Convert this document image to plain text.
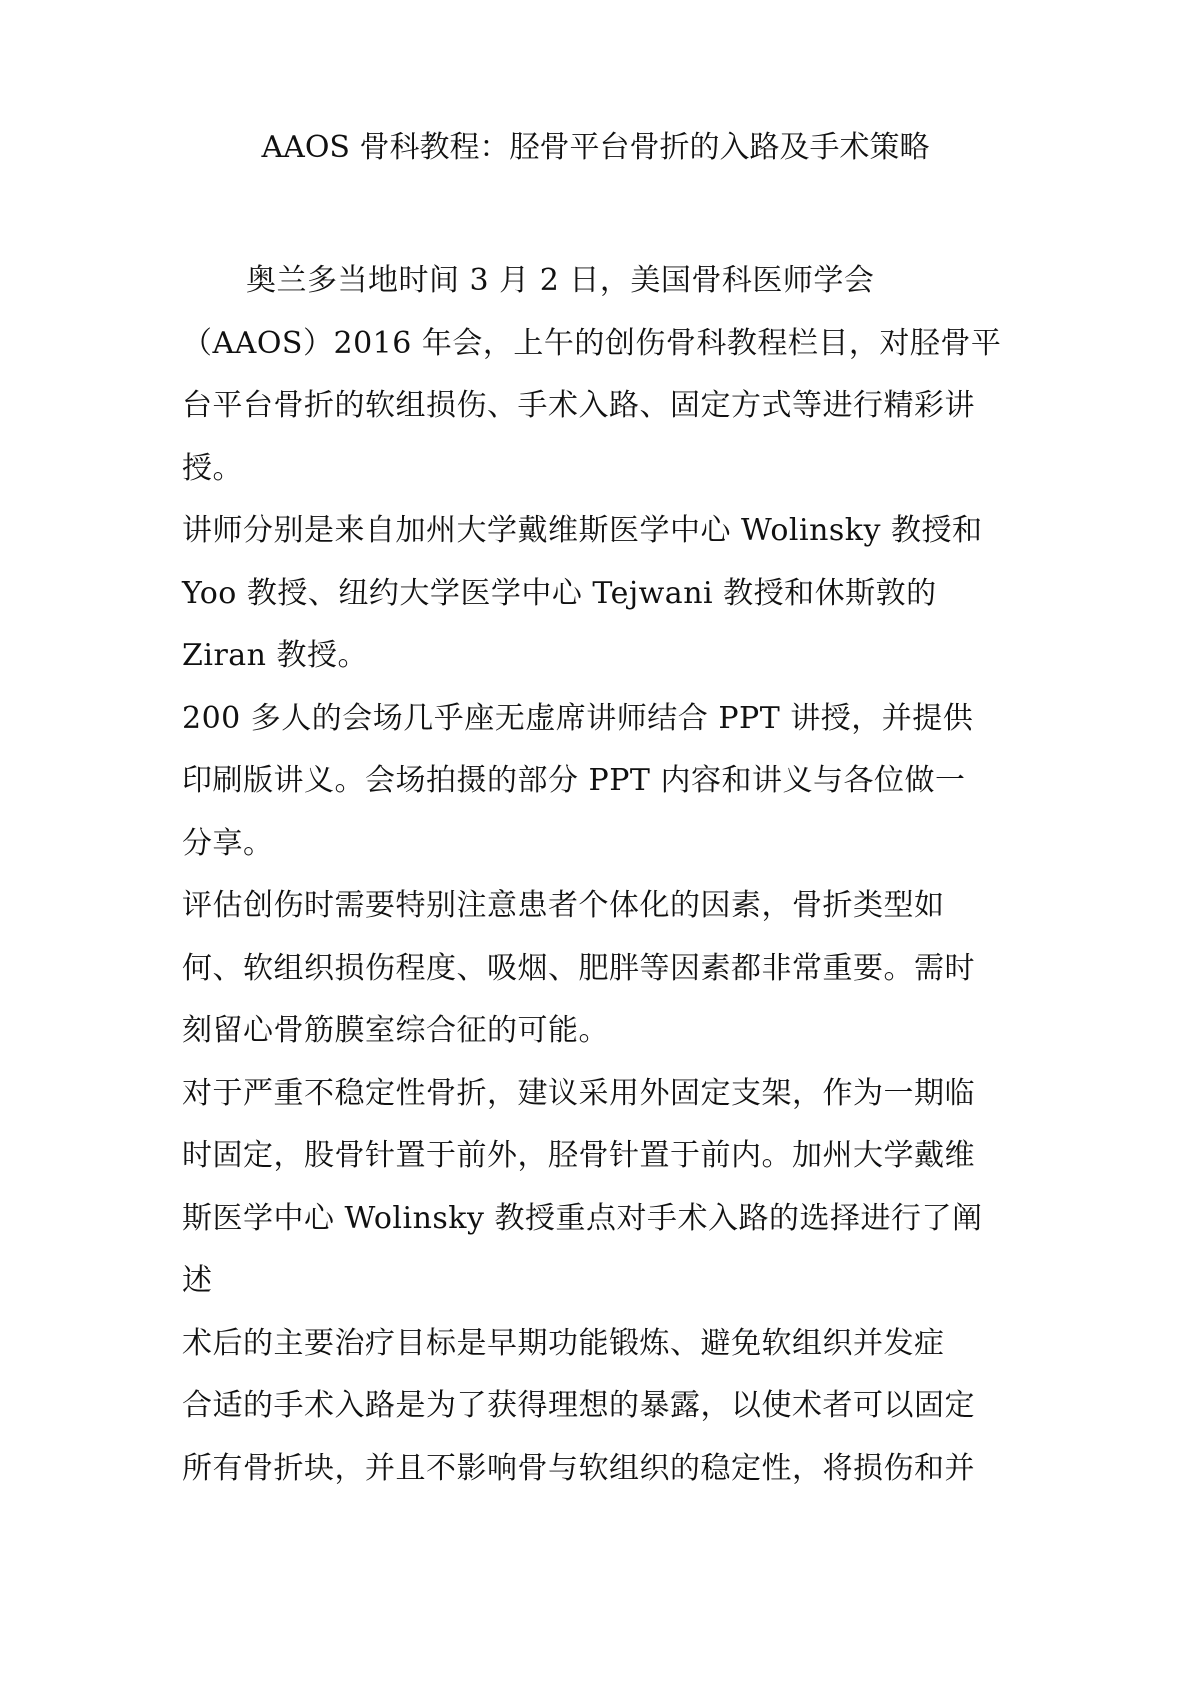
AAOS 骨科教程：胫骨平台骨折的入路及手术策略
奥兰多当地时间 3 月 2 日，美国骨科医师学会
（AAOS）2016 年会，上午的创伤骨科教程栏目，对胫骨平
台平台骨折的软组损伤、手术入路、固定方式等进行精彩讲
授。
讲师分别是来自加州大学戴维斯医学中心 Wolinsky 教授和
Yoo 教授、纽约大学医学中心 Tejwani 教授和休斯敦的
Ziran 教授。
200 多人的会场几乎座无虚席讲师结合 PPT 讲授，并提供
印刷版讲义。会场拍摄的部分 PPT 内容和讲义与各位做一
分享。
评估创伤时需要特别注意患者个体化的因素，骨折类型如
何、软组织损伤程度、吸烟、肥胖等因素都非常重要。需时
刻留心骨筋膜室综合征的可能。
对于严重不稳定性骨折，建议采用外固定支架，作为一期临
时固定，股骨针置于前外，胫骨针置于前内。加州大学戴维
斯医学中心 Wolinsky 教授重点对手术入路的选择进行了阐
述
术后的主要治疗目标是早期功能锻炼、避免软组织并发症
合适的手术入路是为了获得理想的暴露，以使术者可以固定
所有骨折块，并且不影响骨与软组织的稳定性，将损伤和并
